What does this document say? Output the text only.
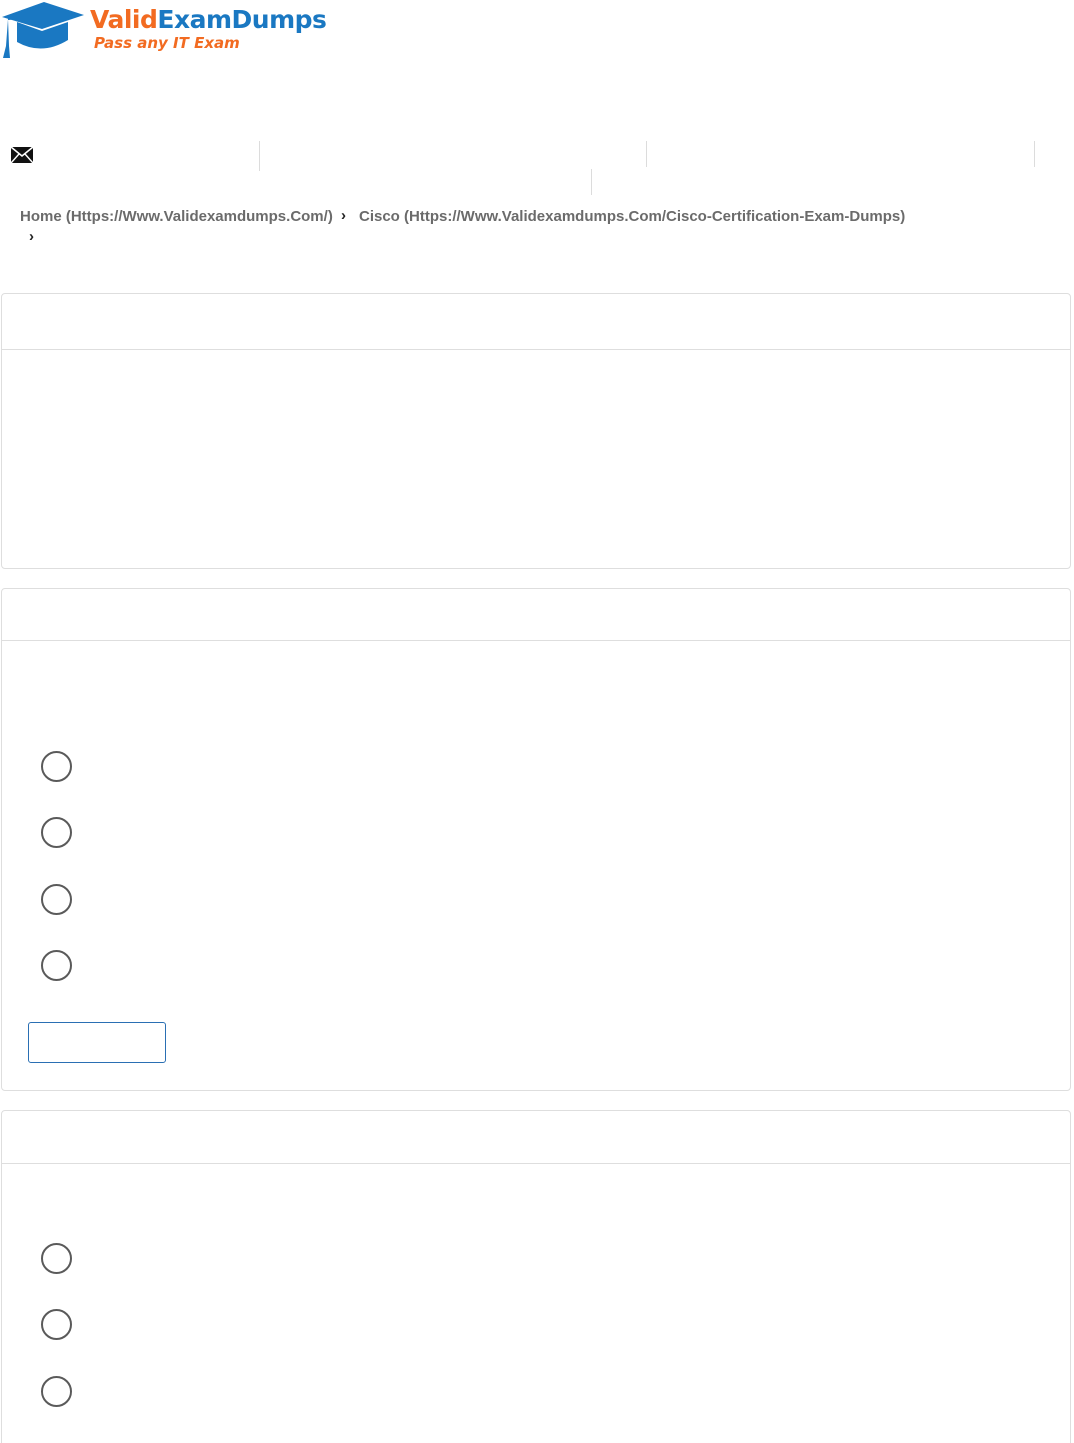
ValidExamDumps
Pass any IT Exam
Home (Https://Www.Validexamdumps.Com/) › Cisco (Https://Www.Validexamdumps.Com/Cisco-Certification-Exam-Dumps)
›
